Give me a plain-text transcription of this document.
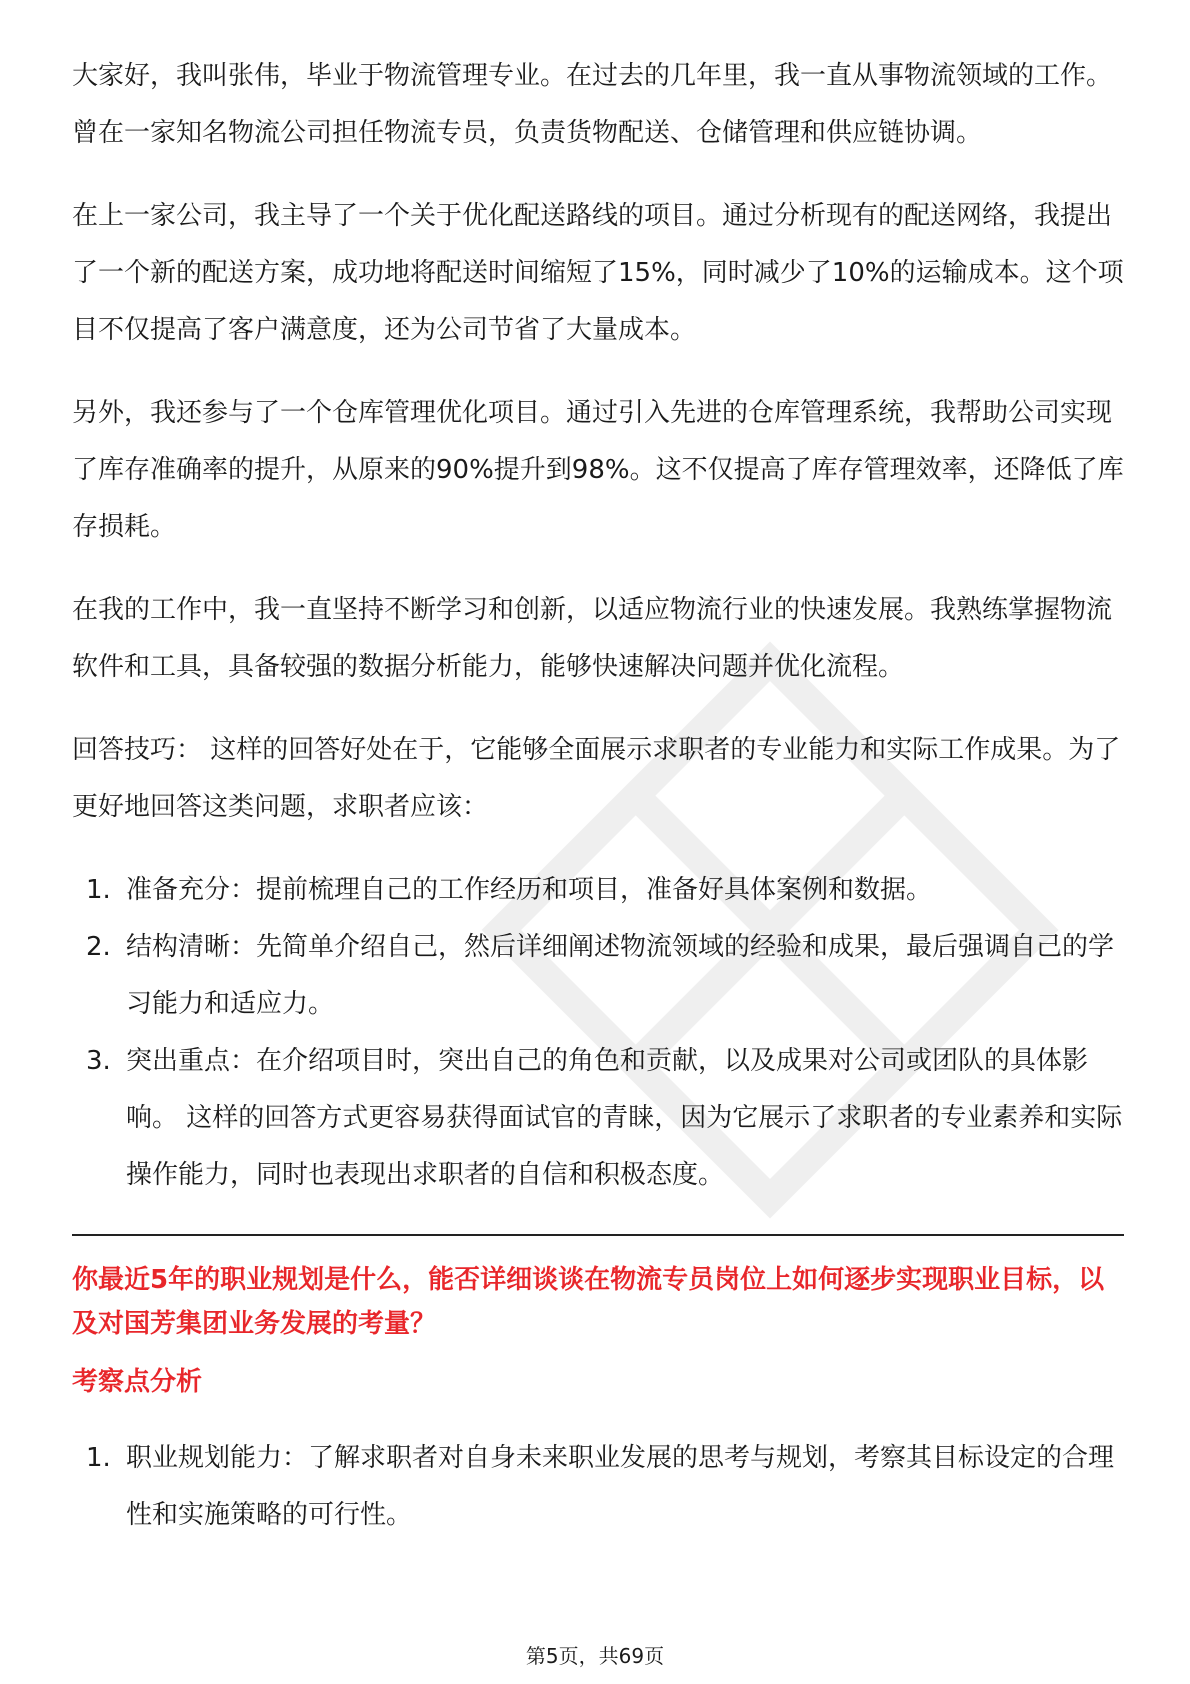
大家好，我叫张伟，毕业于物流管理专业。在过去的几年里，我一直从事物流领域的工作。曾在一家知名物流公司担任物流专员，负责货物配送、仓储管理和供应链协调。

在上一家公司，我主导了一个关于优化配送路线的项目。通过分析现有的配送网络，我提出了一个新的配送方案，成功地将配送时间缩短了15%，同时减少了10%的运输成本。这个项目不仅提高了客户满意度，还为公司节省了大量成本。

另外，我还参与了一个仓库管理优化项目。通过引入先进的仓库管理系统，我帮助公司实现了库存准确率的提升，从原来的90%提升到98%。这不仅提高了库存管理效率，还降低了库存损耗。

在我的工作中，我一直坚持不断学习和创新，以适应物流行业的快速发展。我熟练掌握物流软件和工具，具备较强的数据分析能力，能够快速解决问题并优化流程。

回答技巧： 这样的回答好处在于，它能够全面展示求职者的专业能力和实际工作成果。为了更好地回答这类问题，求职者应该：

1. 准备充分：提前梳理自己的工作经历和项目，准备好具体案例和数据。
2. 结构清晰：先简单介绍自己，然后详细阐述物流领域的经验和成果，最后强调自己的学习能力和适应力。
3. 突出重点：在介绍项目时，突出自己的角色和贡献，以及成果对公司或团队的具体影响。 这样的回答方式更容易获得面试官的青睐，因为它展示了求职者的专业素养和实际操作能力，同时也表现出求职者的自信和积极态度。

你最近5年的职业规划是什么，能否详细谈谈在物流专员岗位上如何逐步实现职业目标，以及对国芳集团业务发展的考量？

考察点分析

1. 职业规划能力：了解求职者对自身未来职业发展的思考与规划，考察其目标设定的合理性和实施策略的可行性。
第5页，共69页
